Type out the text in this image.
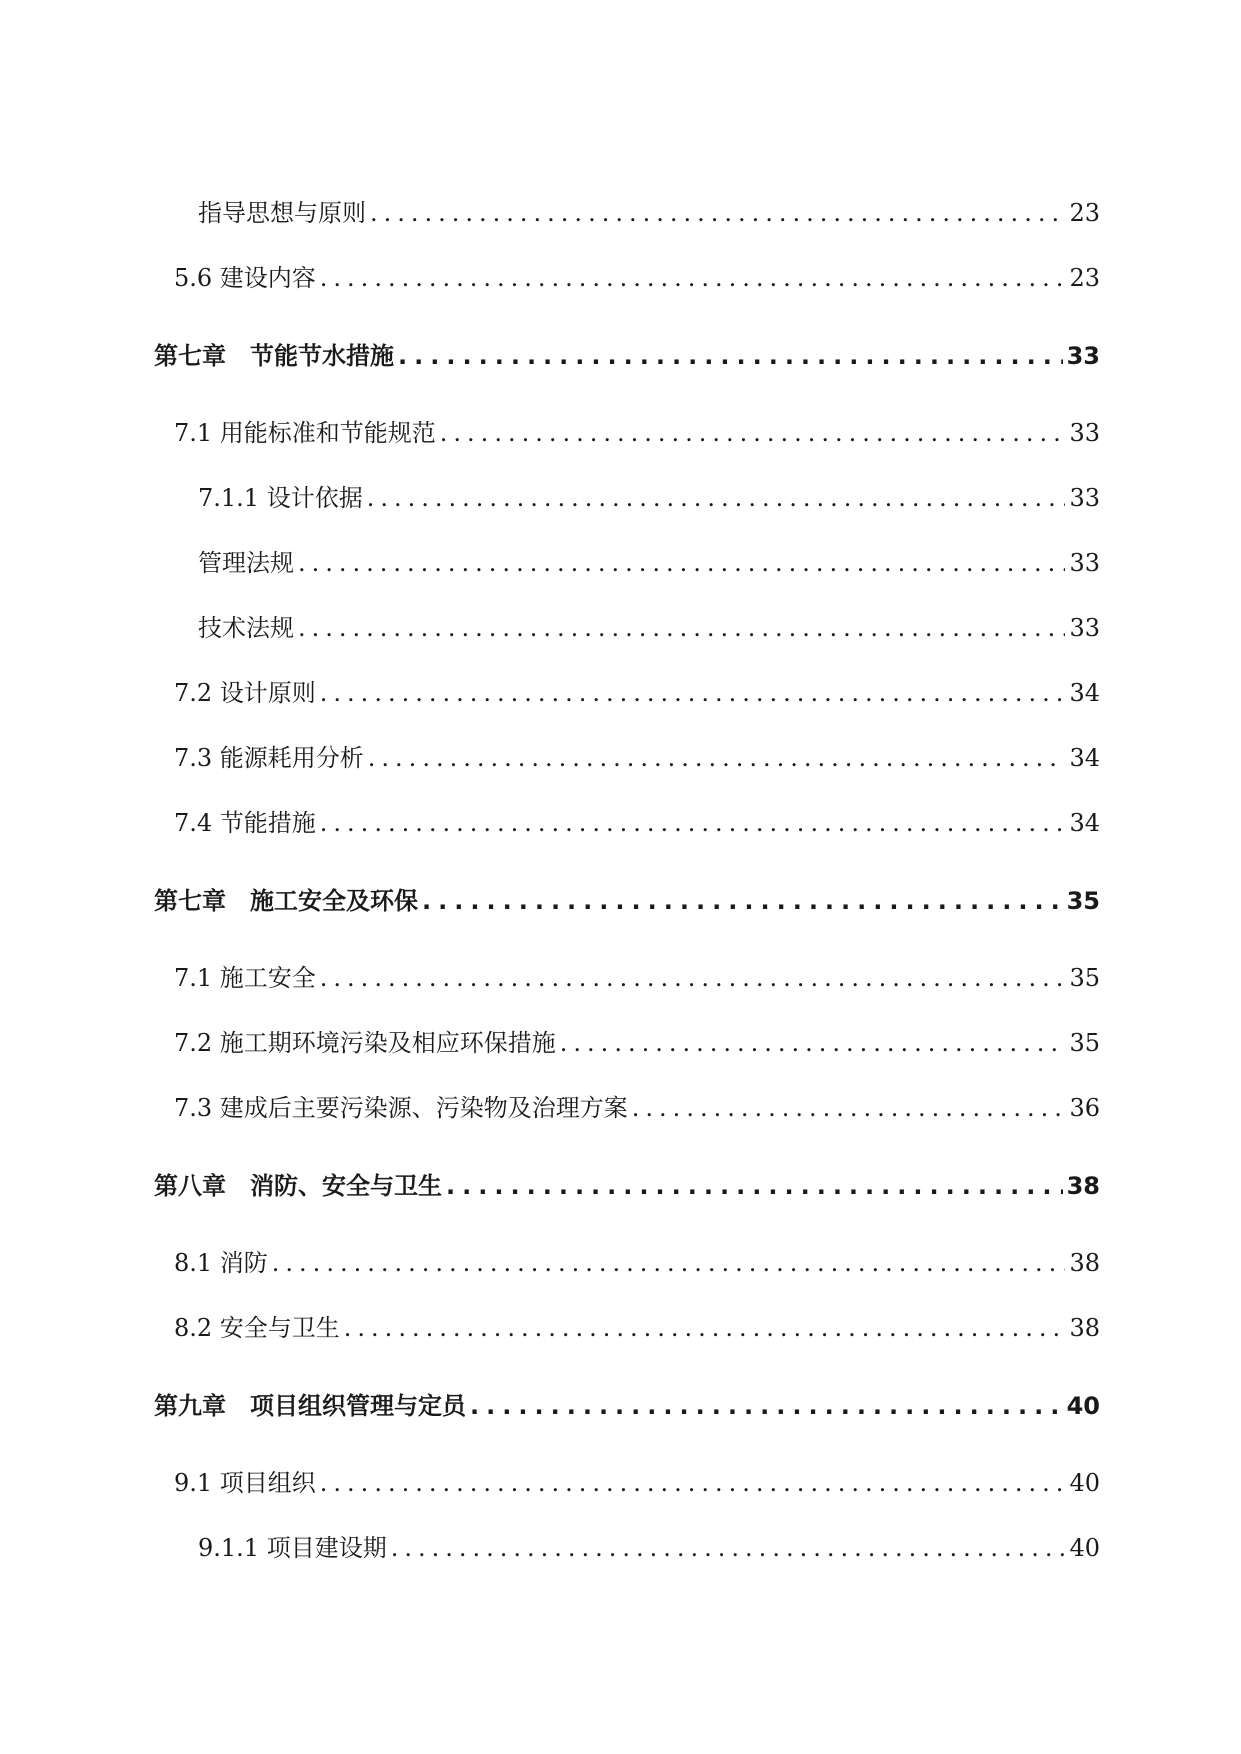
指导思想与原则 .....	23
5.6 建设内容 .....	23
第七章　节能节水措施 .....	33
7.1 用能标准和节能规范 .....	33
7.1.1 设计依据 .....	33
管理法规 .....	33
技术法规 .....	33
7.2 设计原则 .....	34
7.3 能源耗用分析 .....	34
7.4 节能措施 .....	34
第七章　施工安全及环保 .....	35
7.1 施工安全 .....	35
7.2 施工期环境污染及相应环保措施 .....	35
7.3 建成后主要污染源、污染物及治理方案 .....	36
第八章　消防、安全与卫生 .....	38
8.1 消防 .....	38
8.2 安全与卫生 .....	38
第九章　项目组织管理与定员 .....	40
9.1 项目组织 .....	40
9.1.1 项目建设期 .....	40
